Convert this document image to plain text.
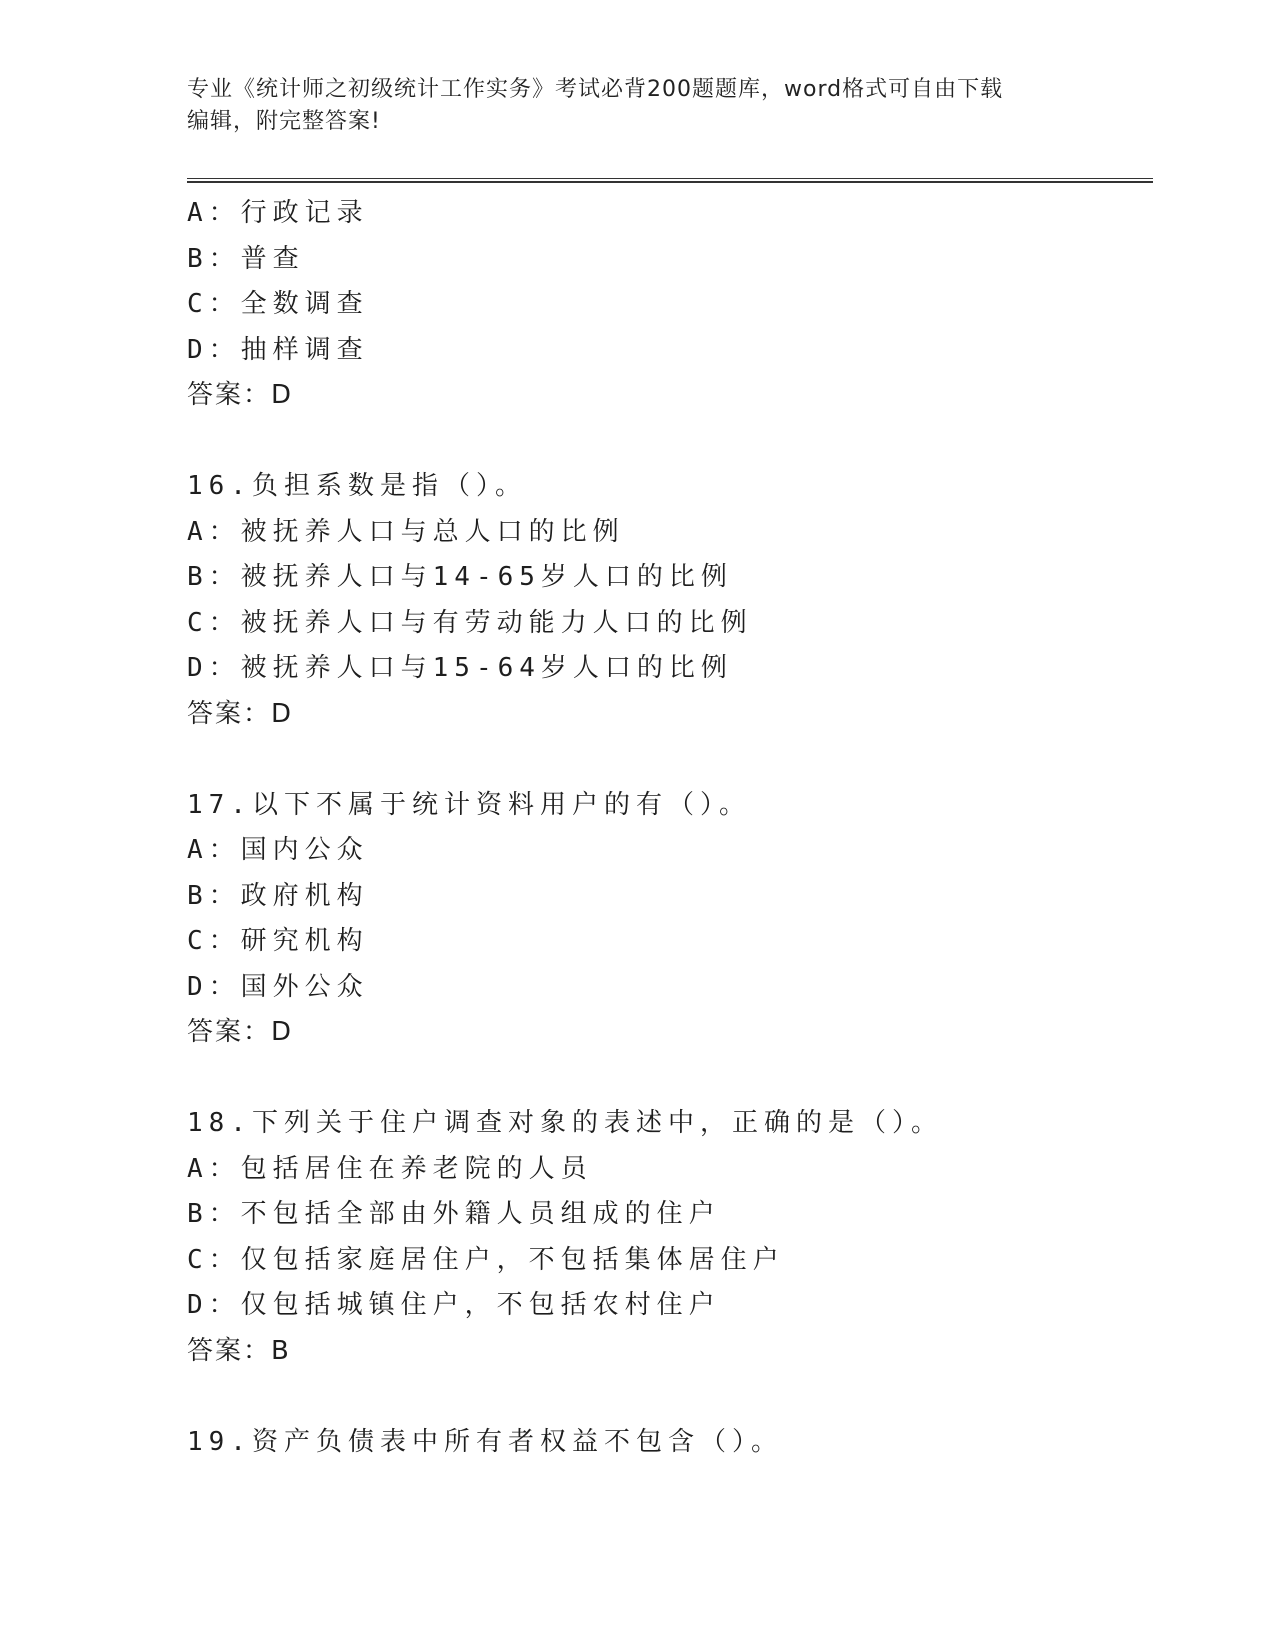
专业《统计师之初级统计工作实务》考试必背200题题库，word格式可自由下载
编辑，附完整答案!
A：行政记录
B：普查
C：全数调查
D：抽样调查
答案：D
16.负担系数是指（）。
A：被抚养人口与总人口的比例
B：被抚养人口与14-65岁人口的比例
C：被抚养人口与有劳动能力人口的比例
D：被抚养人口与15-64岁人口的比例
答案：D
17.以下不属于统计资料用户的有（）。
A：国内公众
B：政府机构
C：研究机构
D：国外公众
答案：D
18.下列关于住户调查对象的表述中，正确的是（）。
A：包括居住在养老院的人员
B：不包括全部由外籍人员组成的住户
C：仅包括家庭居住户，不包括集体居住户
D：仅包括城镇住户，不包括农村住户
答案：B
19.资产负债表中所有者权益不包含（）。
